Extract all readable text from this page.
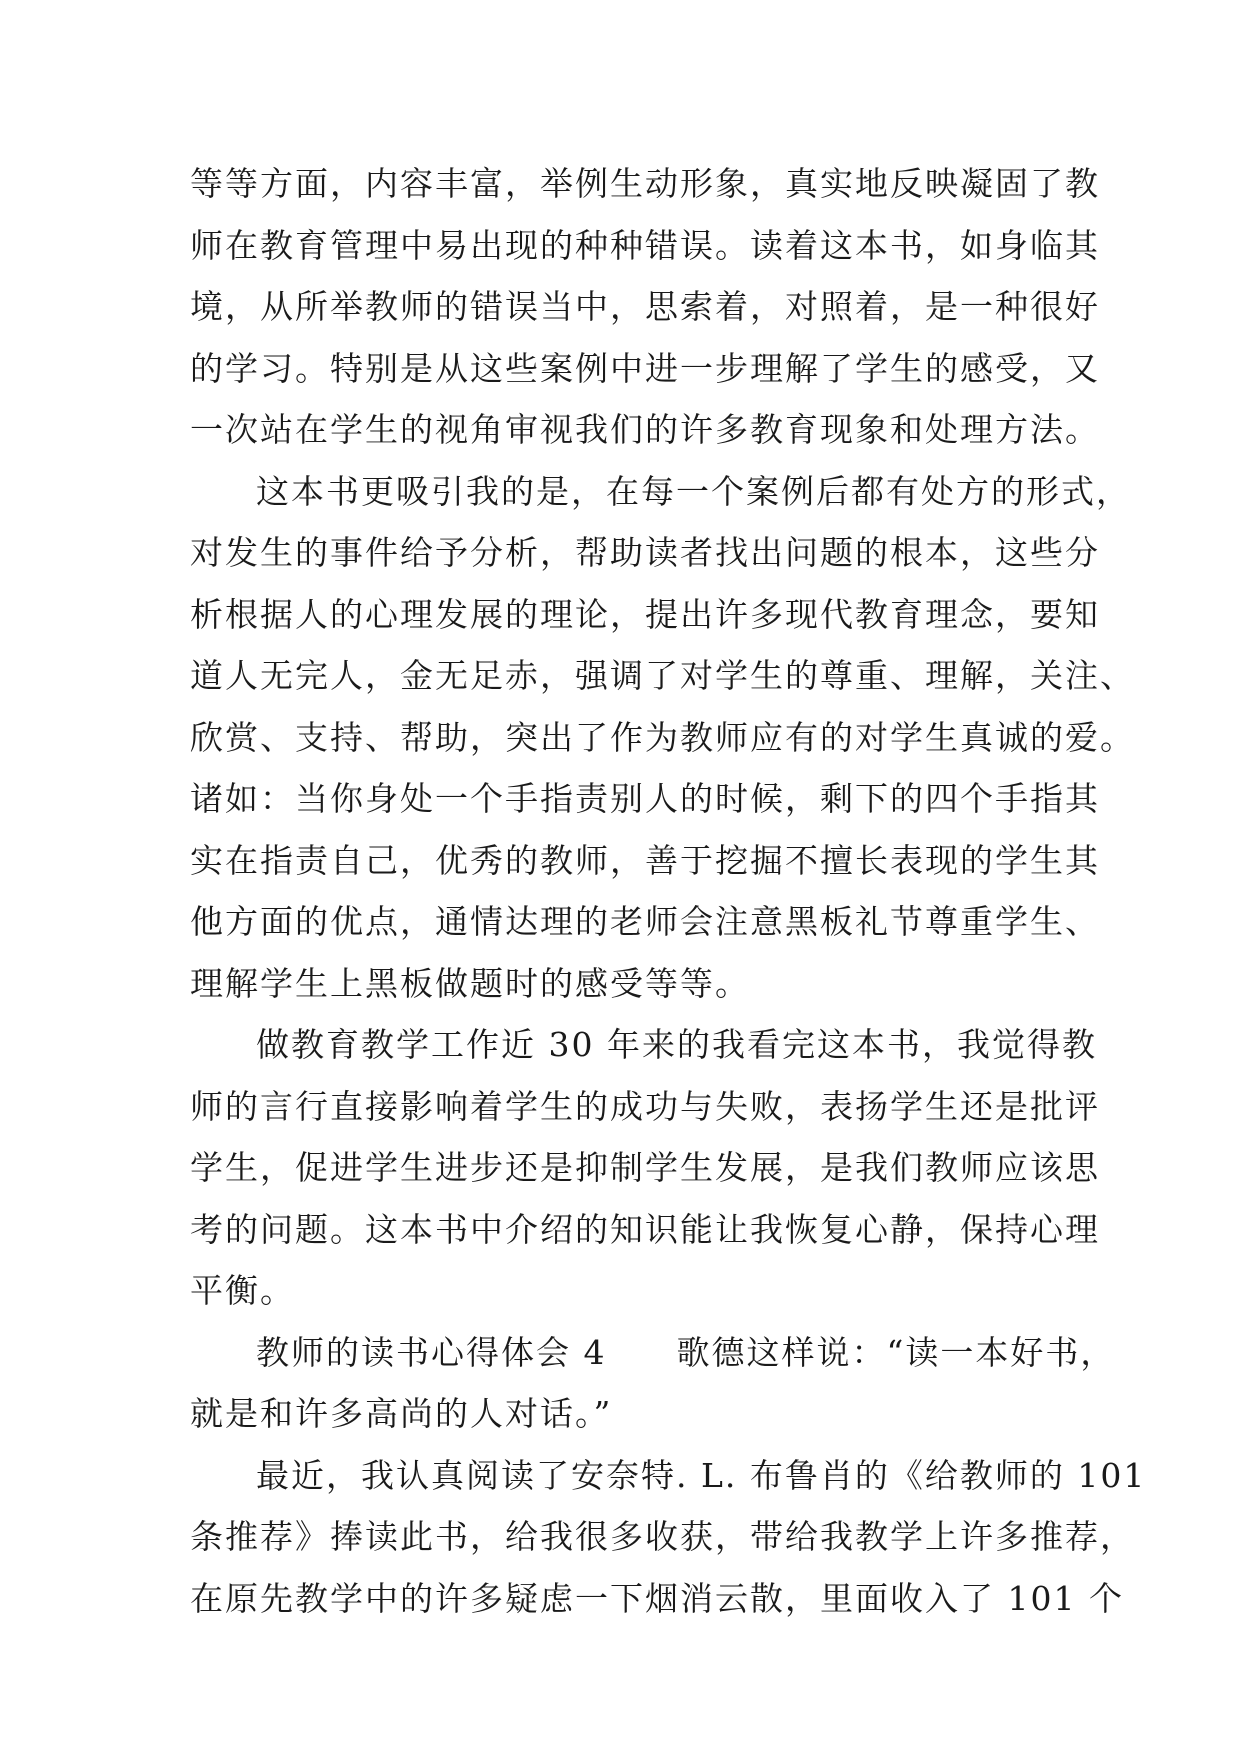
等等方面，内容丰富，举例生动形象，真实地反映凝固了教
师在教育管理中易出现的种种错误。读着这本书，如身临其
境，从所举教师的错误当中，思索着，对照着，是一种很好
的学习。特别是从这些案例中进一步理解了学生的感受，又
一次站在学生的视角审视我们的许多教育现象和处理方法。
这本书更吸引我的是，在每一个案例后都有处方的形式，
对发生的事件给予分析，帮助读者找出问题的根本，这些分
析根据人的心理发展的理论，提出许多现代教育理念，要知
道人无完人，金无足赤，强调了对学生的尊重、理解，关注、
欣赏、支持、帮助，突出了作为教师应有的对学生真诚的爱。
诸如：当你身处一个手指责别人的时候，剩下的四个手指其
实在指责自己，优秀的教师，善于挖掘不擅长表现的学生其
他方面的优点，通情达理的老师会注意黑板礼节尊重学生、
理解学生上黑板做题时的感受等等。
做教育教学工作近 30 年来的我看完这本书，我觉得教
师的言行直接影响着学生的成功与失败，表扬学生还是批评
学生，促进学生进步还是抑制学生发展，是我们教师应该思
考的问题。这本书中介绍的知识能让我恢复心静，保持心理
平衡。
教师的读书心得体会 4　　歌德这样说：“读一本好书，
就是和许多高尚的人对话。”
最近，我认真阅读了安奈特. L. 布鲁肖的《给教师的 101
条推荐》捧读此书，给我很多收获，带给我教学上许多推荐，
在原先教学中的许多疑虑一下烟消云散，里面收入了 101 个
